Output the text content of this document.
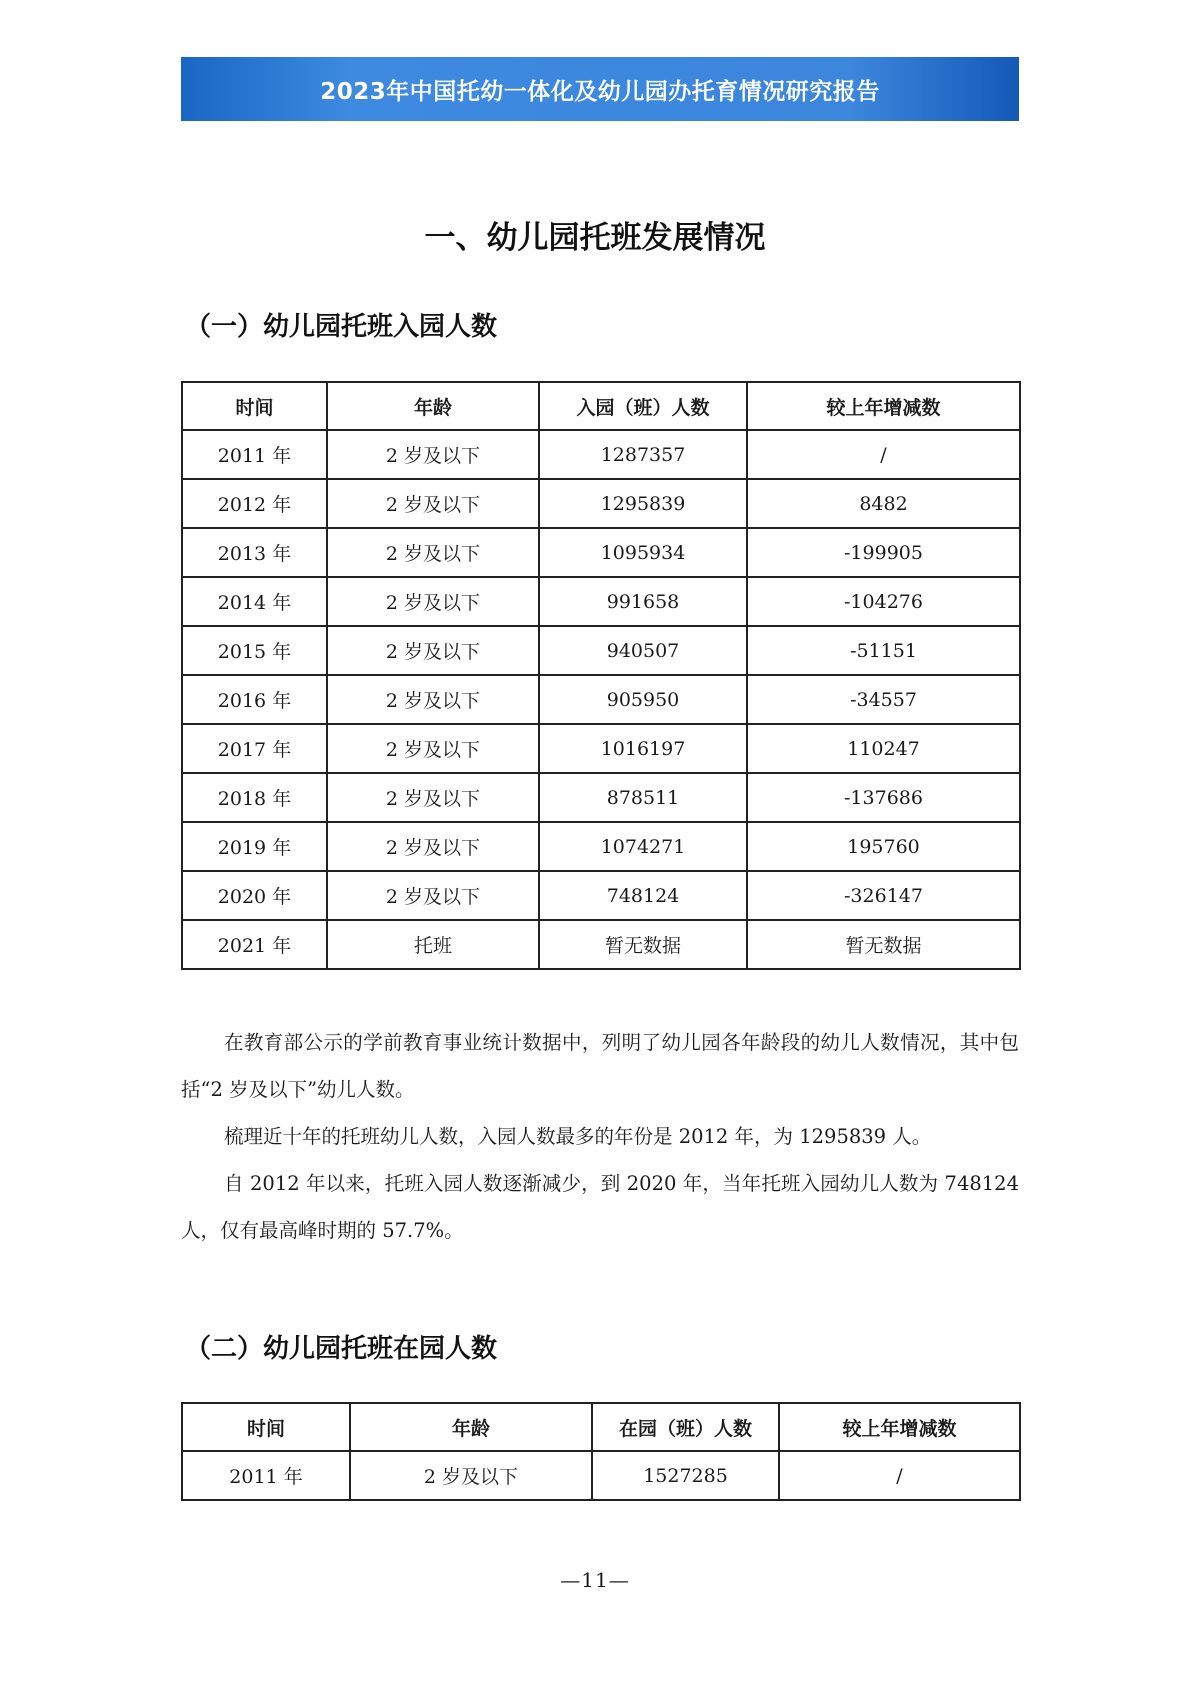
2023年中国托幼一体化及幼儿园办托育情况研究报告
一、幼儿园托班发展情况
（一）幼儿园托班入园人数
时间	年龄	入园（班）人数	较上年增减数
2011 年	2 岁及以下	1287357	/
2012 年	2 岁及以下	1295839	8482
2013 年	2 岁及以下	1095934	-199905
2014 年	2 岁及以下	991658	-104276
2015 年	2 岁及以下	940507	-51151
2016 年	2 岁及以下	905950	-34557
2017 年	2 岁及以下	1016197	110247
2018 年	2 岁及以下	878511	-137686
2019 年	2 岁及以下	1074271	195760
2020 年	2 岁及以下	748124	-326147
2021 年	托班	暂无数据	暂无数据
在教育部公示的学前教育事业统计数据中，列明了幼儿园各年龄段的幼儿人数情况，其中包括“2 岁及以下”幼儿人数。
梳理近十年的托班幼儿人数，入园人数最多的年份是 2012 年，为 1295839 人。
自 2012 年以来，托班入园人数逐渐减少，到 2020 年，当年托班入园幼儿人数为 748124 人，仅有最高峰时期的 57.7%。
（二）幼儿园托班在园人数
时间	年龄	在园（班）人数	较上年增减数
2011 年	2 岁及以下	1527285	/
—11—
